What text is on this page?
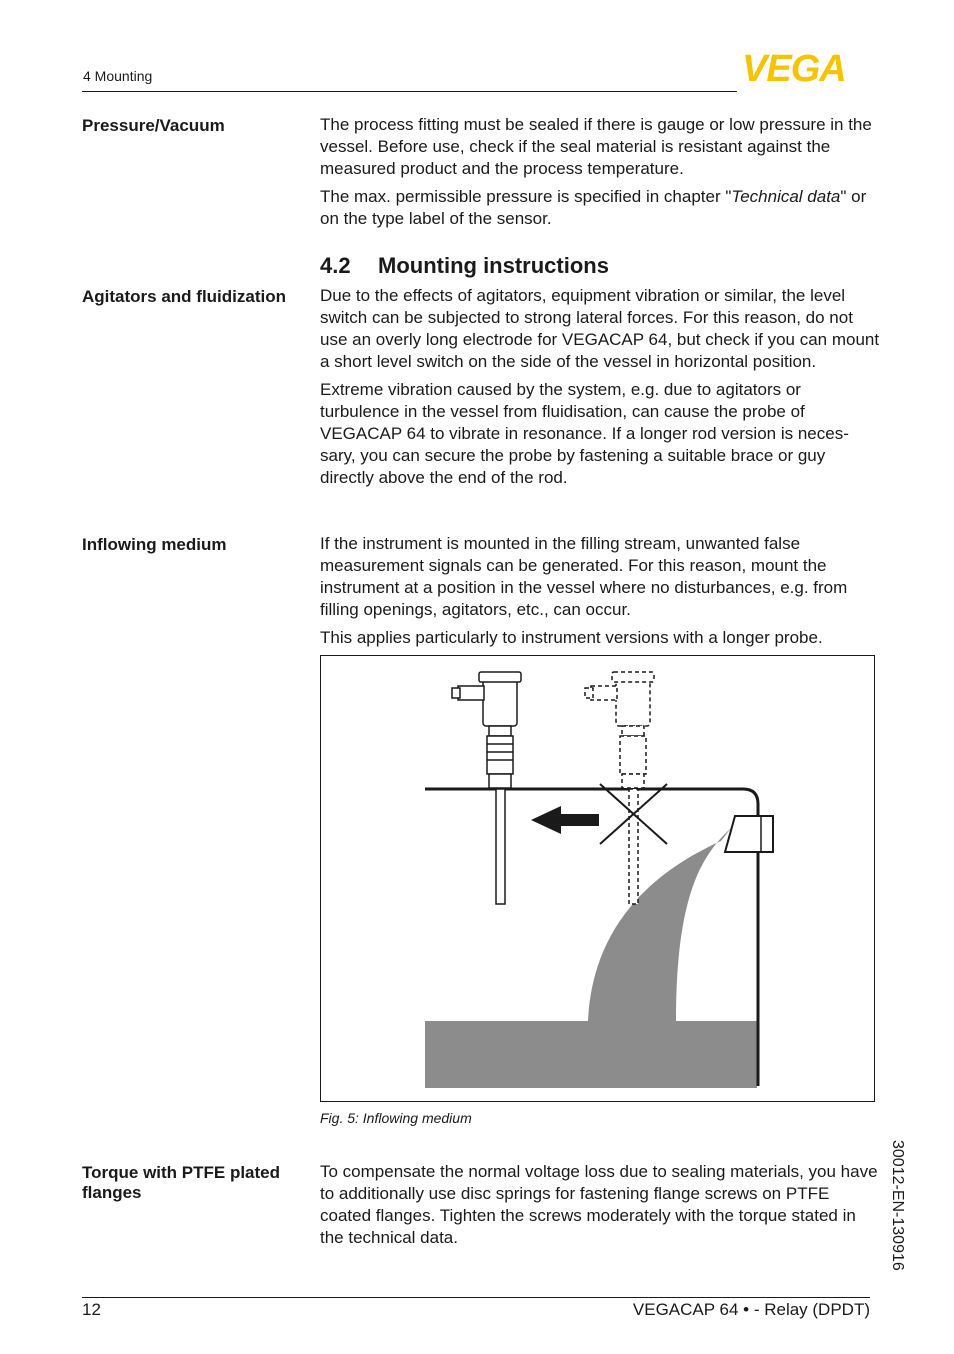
4 Mounting	VEGA
Pressure/Vacuum	The process fitting must be sealed if there is gauge or low pressure in the vessel. Before use, check if the seal material is resistant against the measured product and the process temperature.

The max. permissible pressure is specified in chapter "Technical data" or on the type label of the sensor.

4.2 Mounting instructions
Agitators and fluidization Due to the effects of agitators, equipment vibration or similar, the level switch can be subjected to strong lateral forces. For this reason, do not use an overly long electrode for VEGACAP 64, but check if you can mount a short level switch on the side of the vessel in horizontal position.

Extreme vibration caused by the system, e.g. due to agitators or turbulence in the vessel from fluidisation, can cause the probe of VEGACAP 64 to vibrate in resonance. If a longer rod version is neces-sary, you can secure the probe by fastening a suitable brace or guy directly above the end of the rod.

Inflowing medium	If the instrument is mounted in the filling stream, unwanted false measurement signals can be generated. For this reason, mount the instrument at a position in the vessel where no disturbances, e.g. from filling openings, agitators, etc., can occur.

This applies particularly to instrument versions with a longer probe.

Fig. 5: Inflowing medium
Torque with PTFE plated flanges

To compensate the normal voltage loss due to sealing materials, you have to additionally use disc springs for fastening flange screws on PTFE coated flanges. Tighten the screws moderately with the torque stated in the technical data.	30012-EN-130916
12	VEGACAP 64 • - Relay (DPDT)
